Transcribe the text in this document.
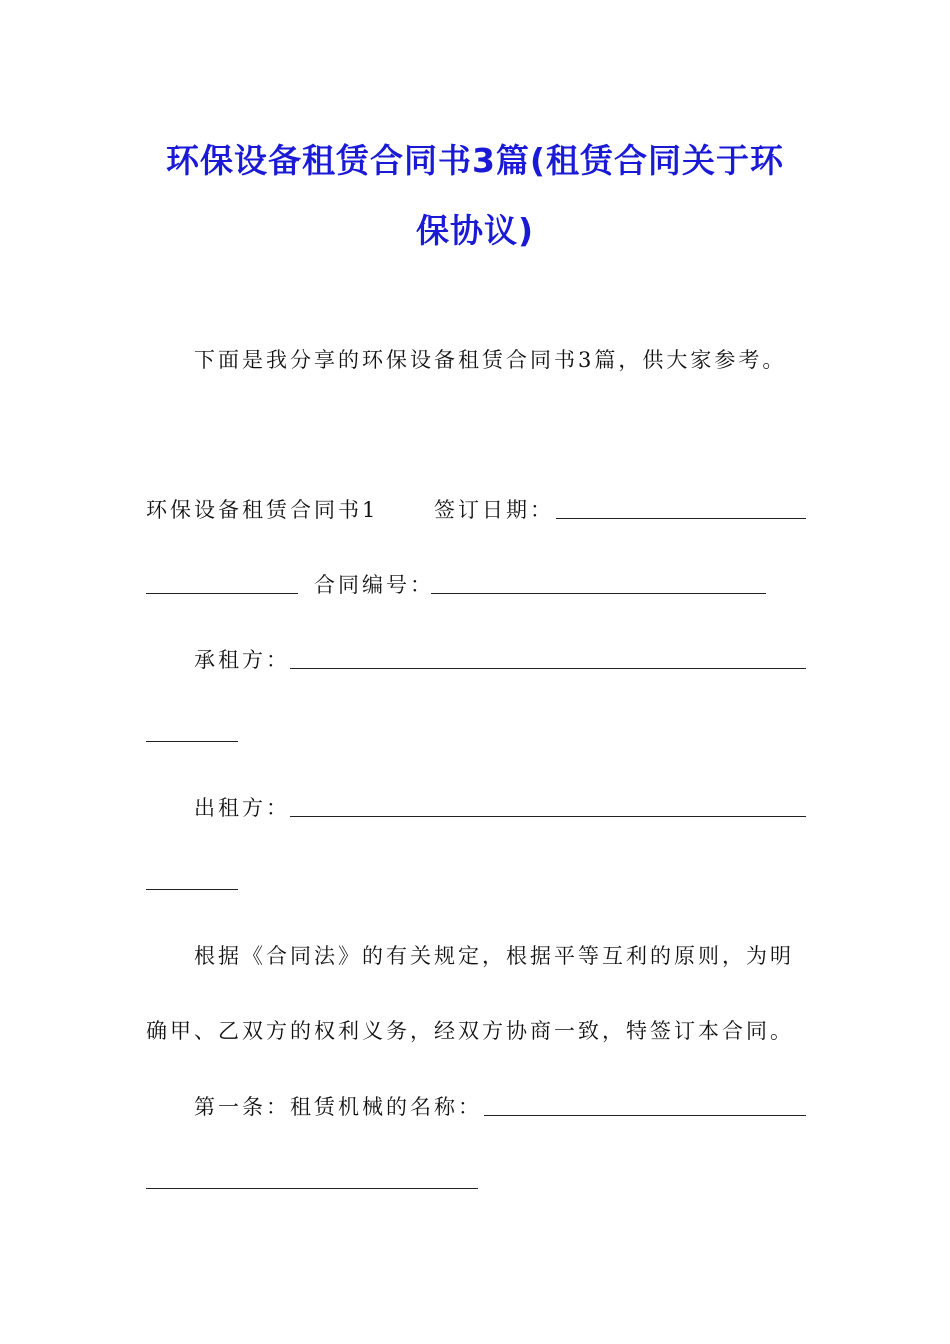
环保设备租赁合同书3篇(租赁合同关于环
保协议)
下面是我分享的环保设备租赁合同书3篇，供大家参考。
环保设备租赁合同书1	签订日期：
合同编号：
承租方：
出租方：
根据《合同法》的有关规定，根据平等互利的原则，为明
确甲、乙双方的权利义务，经双方协商一致，特签订本合同。
第一条：租赁机械的名称：
